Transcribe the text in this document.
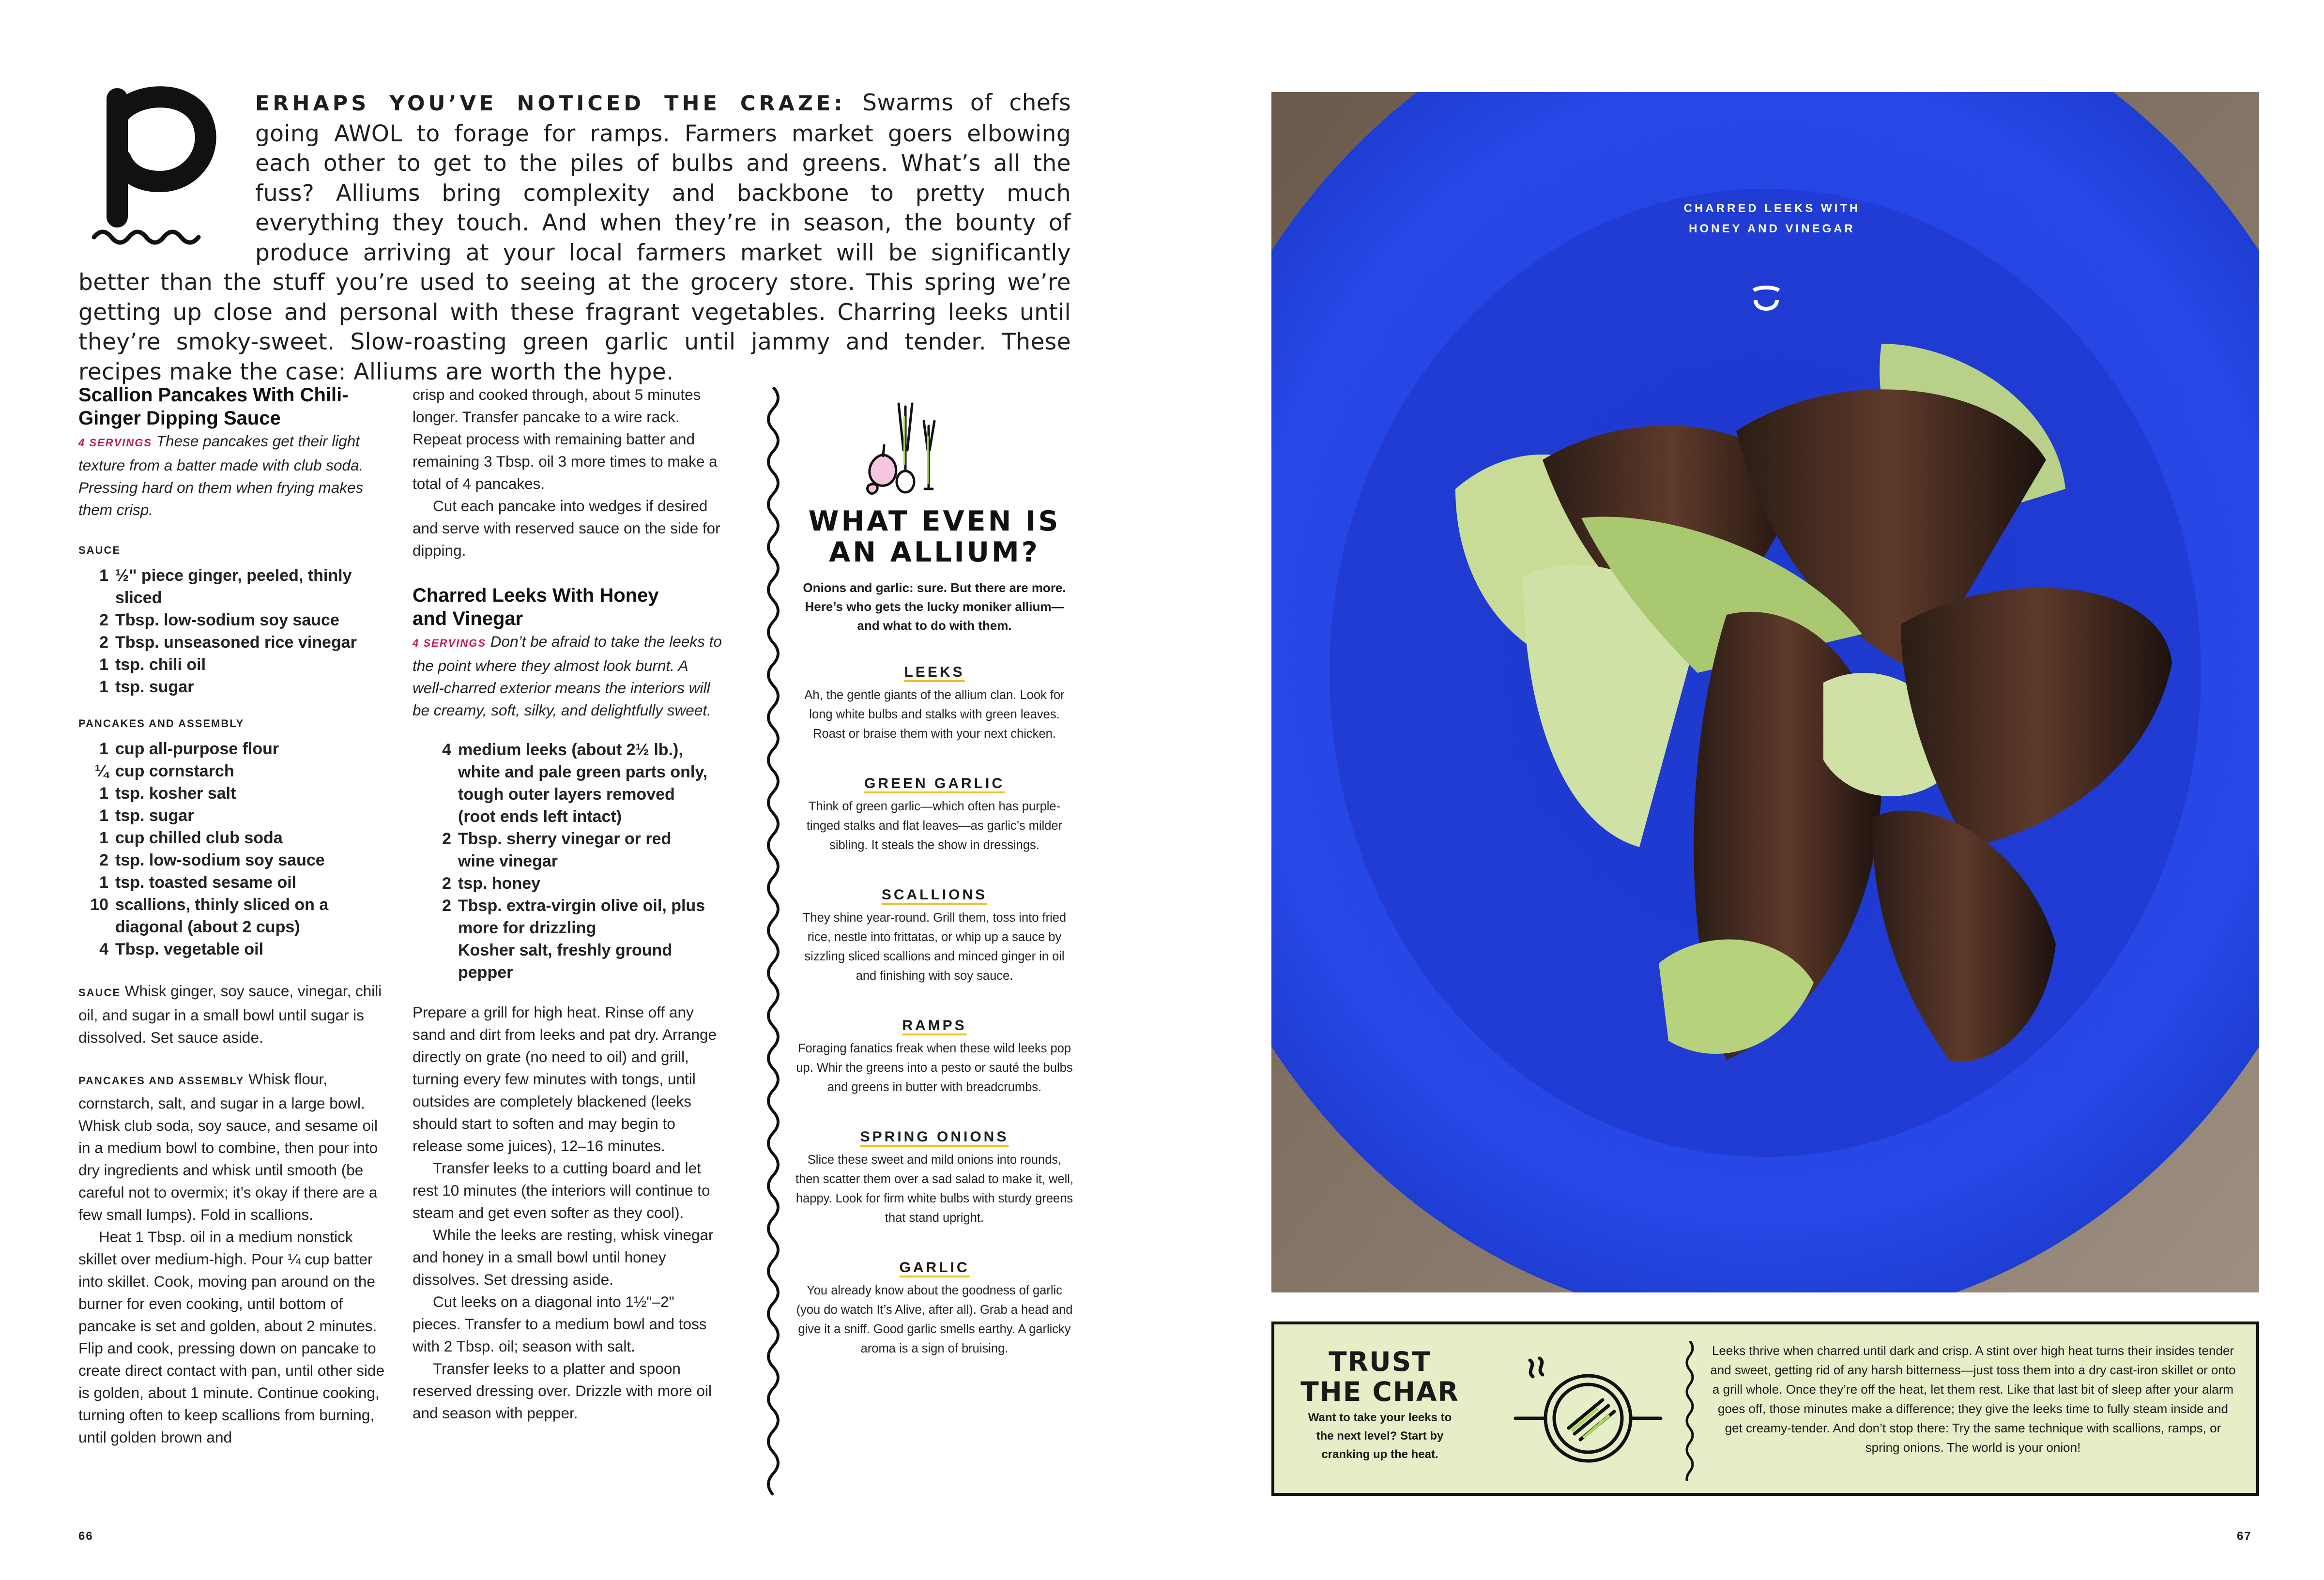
ERHAPS YOU’VE NOTICED THE CRAZE: Swarms of chefs going AWOL to forage for ramps. Farmers market goers elbowing each other to get to the piles of bulbs and greens. What’s all the fuss? Alliums bring complexity and backbone to pretty much everything they touch. And when they’re in season, the bounty of produce arriving at your local farmers market will be significantly better than the stuff you’re used to seeing at the grocery store. This spring we’re getting up close and personal with these fragrant vegetables. Charring leeks until they’re smoky-sweet. Slow-roasting green garlic until jammy and tender. These recipes make the case: Alliums are worth the hype.

Scallion Pancakes With Chili-Ginger Dipping Sauce

4 SERVINGS These pancakes get their light texture from a batter made with club soda. Pressing hard on them when frying makes them crisp.

SAUCE
1	½" piece ginger, peeled, thinly sliced
2	Tbsp. low-sodium soy sauce
2	Tbsp. unseasoned rice vinegar
1	tsp. chili oil
1	tsp. sugar
PANCAKES AND ASSEMBLY
1	cup all-purpose flour
¼	cup cornstarch
1	tsp. kosher salt
1	tsp. sugar
1	cup chilled club soda
2	tsp. low-sodium soy sauce
1	tsp. toasted sesame oil
10	scallions, thinly sliced on a diagonal (about 2 cups)
4	Tbsp. vegetable oil

SAUCE Whisk ginger, soy sauce, vinegar, chili oil, and sugar in a small bowl until sugar is dissolved. Set sauce aside.

PANCAKES AND ASSEMBLY Whisk flour, cornstarch, salt, and sugar in a large bowl. Whisk club soda, soy sauce, and sesame oil in a medium bowl to combine, then pour into dry ingredients and whisk until smooth (be careful not to overmix; it’s okay if there are a few small lumps). Fold in scallions.

Heat 1 Tbsp. oil in a medium nonstick skillet over medium-high. Pour ¼ cup batter into skillet. Cook, moving pan around on the burner for even cooking, until bottom of pancake is set and golden, about 2 minutes. Flip and cook, pressing down on pancake to create direct contact with pan, until other side is golden, about 1 minute. Continue cooking, turning often to keep scallions from burning, until golden brown and

crisp and cooked through, about 5 minutes longer. Transfer pancake to a wire rack. Repeat process with remaining batter and remaining 3 Tbsp. oil 3 more times to make a total of 4 pancakes.

Cut each pancake into wedges if desired and serve with reserved sauce on the side for dipping.

Charred Leeks With Honey and Vinegar

4 SERVINGS Don’t be afraid to take the leeks to the point where they almost look burnt. A well-charred exterior means the interiors will be creamy, soft, silky, and delightfully sweet.

4	medium leeks (about 2½ lb.), white and pale green parts only, tough outer layers removed (root ends left intact)
2	Tbsp. sherry vinegar or red wine vinegar
2	tsp. honey
2	Tbsp. extra-virgin olive oil, plus more for drizzling
	Kosher salt, freshly ground pepper

Prepare a grill for high heat. Rinse off any sand and dirt from leeks and pat dry. Arrange directly on grate (no need to oil) and grill, turning every few minutes with tongs, until outsides are completely blackened (leeks should start to soften and may begin to release some juices), 12–16 minutes.

Transfer leeks to a cutting board and let rest 10 minutes (the interiors will continue to steam and get even softer as they cool).

While the leeks are resting, whisk vinegar and honey in a small bowl until honey dissolves. Set dressing aside.

Cut leeks on a diagonal into 1½"–2" pieces. Transfer to a medium bowl and toss with 2 Tbsp. oil; season with salt.

Transfer leeks to a platter and spoon reserved dressing over. Drizzle with more oil and season with pepper.

WHAT EVEN IS AN ALLIUM?

Onions and garlic: sure. But there are more. Here’s who gets the lucky moniker allium—and what to do with them.

LEEKS

Ah, the gentle giants of the allium clan. Look for long white bulbs and stalks with green leaves. Roast or braise them with your next chicken.

GREEN GARLIC

Think of green garlic—which often has purple-tinged stalks and flat leaves—as garlic’s milder sibling. It steals the show in dressings.

SCALLIONS

They shine year-round. Grill them, toss into fried rice, nestle into frittatas, or whip up a sauce by sizzling sliced scallions and minced ginger in oil and finishing with soy sauce.

RAMPS

Foraging fanatics freak when these wild leeks pop up. Whir the greens into a pesto or sauté the bulbs and greens in butter with breadcrumbs.

SPRING ONIONS

Slice these sweet and mild onions into rounds, then scatter them over a sad salad to make it, well, happy. Look for firm white bulbs with sturdy greens that stand upright.

GARLIC

You already know about the goodness of garlic (you do watch It’s Alive, after all). Grab a head and give it a sniff. Good garlic smells earthy. A garlicky aroma is a sign of bruising.

CHARRED LEEKS WITH HONEY AND VINEGAR
TRUST THE CHAR
Want to take your leeks to the next level? Start by cranking up the heat.
Leeks thrive when charred until dark and crisp. A stint over high heat turns their insides tender and sweet, getting rid of any harsh bitterness—just toss them into a dry cast-iron skillet or onto a grill whole. Once they’re off the heat, let them rest. Like that last bit of sleep after your alarm goes off, those minutes make a difference; they give the leeks time to fully steam inside and get creamy-tender. And don’t stop there: Try the same technique with scallions, ramps, or spring onions. The world is your onion!
66	67
